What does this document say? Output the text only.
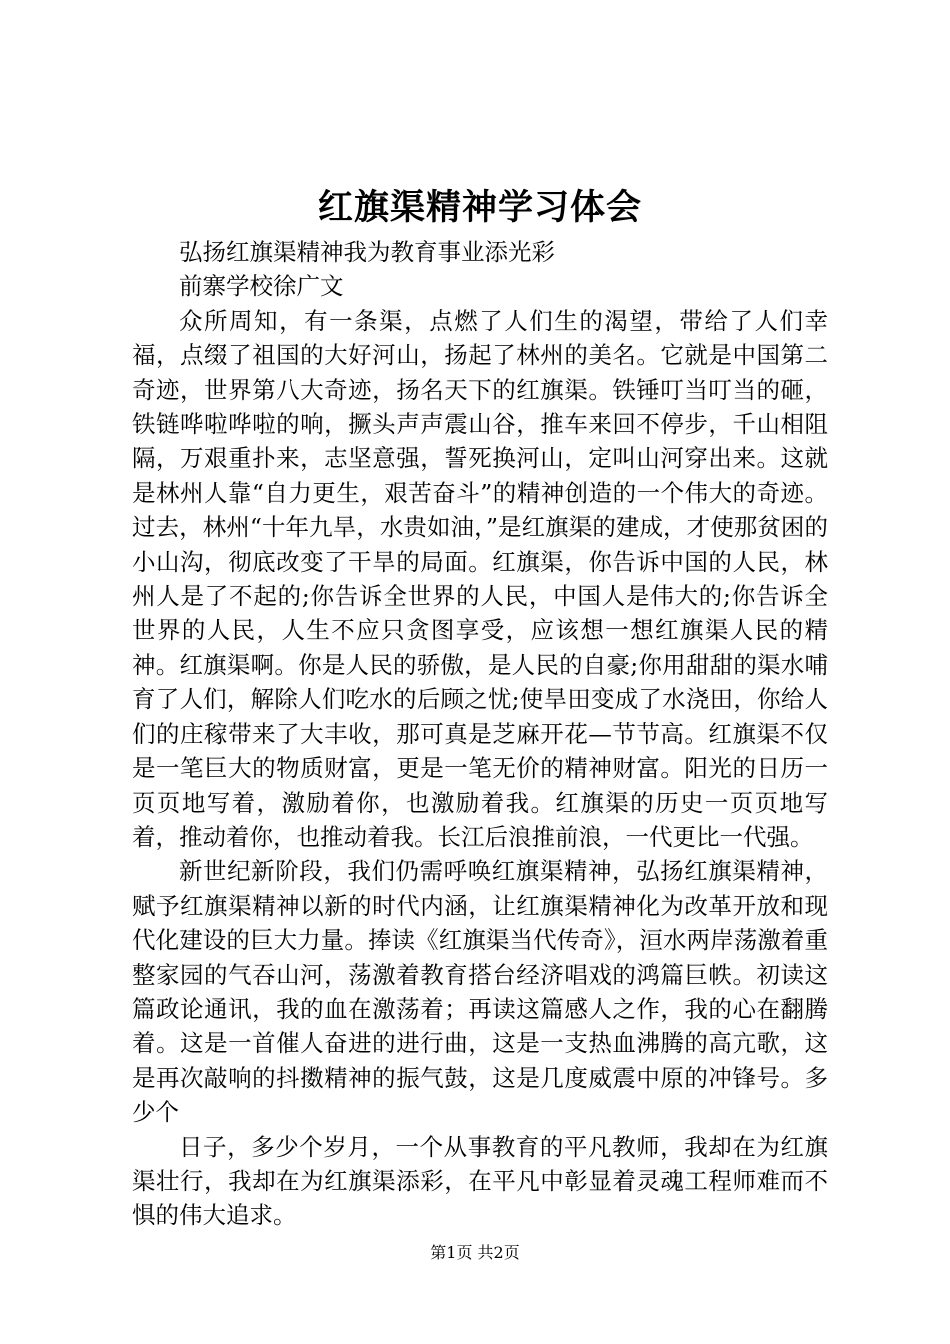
红旗渠精神学习体会

弘扬红旗渠精神我为教育事业添光彩

前寨学校徐广文

众所周知，有一条渠，点燃了人们生的渴望，带给了人们幸福，点缀了祖国的大好河山，扬起了林州的美名。它就是中国第二奇迹，世界第八大奇迹，扬名天下的红旗渠。铁锤叮当叮当的砸，铁链哗啦哗啦的响，撅头声声震山谷，推车来回不停步，千山相阻隔，万艰重扑来，志坚意强，誓死换河山，定叫山河穿出来。这就是林州人靠“自力更生，艰苦奋斗”的精神创造的一个伟大的奇迹。过去，林州“十年九旱，水贵如油，”是红旗渠的建成，才使那贫困的小山沟，彻底改变了干旱的局面。红旗渠，你告诉中国的人民，林州人是了不起的;你告诉全世界的人民，中国人是伟大的;你告诉全世界的人民，人生不应只贪图享受，应该想一想红旗渠人民的精神。红旗渠啊。你是人民的骄傲，是人民的自豪;你用甜甜的渠水哺育了人们，解除人们吃水的后顾之忧;使旱田变成了水浇田，你给人们的庄稼带来了大丰收，那可真是芝麻开花—节节高。红旗渠不仅是一笔巨大的物质财富，更是一笔无价的精神财富。阳光的日历一页页地写着，激励着你，也激励着我。红旗渠的历史一页页地写着，推动着你，也推动着我。长江后浪推前浪，一代更比一代强。

新世纪新阶段，我们仍需呼唤红旗渠精神，弘扬红旗渠精神，赋予红旗渠精神以新的时代内涵，让红旗渠精神化为改革开放和现代化建设的巨大力量。捧读《红旗渠当代传奇》，洹水两岸荡激着重整家园的气吞山河，荡激着教育搭台经济唱戏的鸿篇巨帙。初读这篇政论通讯，我的血在激荡着；再读这篇感人之作，我的心在翻腾着。这是一首催人奋进的进行曲，这是一支热血沸腾的高亢歌，这是再次敲响的抖擞精神的振气鼓，这是几度威震中原的冲锋号。多少个

日子，多少个岁月，一个从事教育的平凡教师，我却在为红旗渠壮行，我却在为红旗渠添彩，在平凡中彰显着灵魂工程师难而不惧的伟大追求。

第1页 共2页
